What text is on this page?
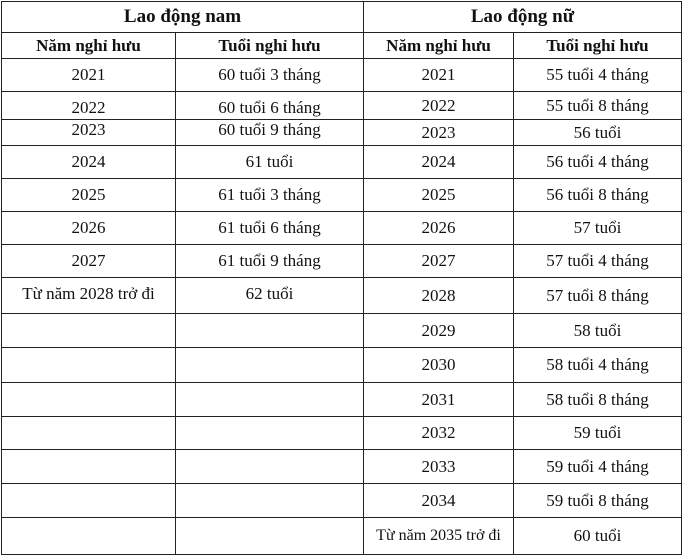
Lao động nam		Lao động nữ	
Năm nghỉ hưu	Tuổi nghỉ hưu	Năm nghỉ hưu	Tuổi nghỉ hưu
2021	60 tuổi 3 tháng	2021	55 tuổi 4 tháng
2022	60 tuổi 6 tháng	2022	55 tuổi 8 tháng
2023	60 tuổi 9 tháng	2023	56 tuổi
2024	61 tuổi	2024	56 tuổi 4 tháng
2025	61 tuổi 3 tháng	2025	56 tuổi 8 tháng
2026	61 tuổi 6 tháng	2026	57 tuổi
2027	61 tuổi 9 tháng	2027	57 tuổi 4 tháng
Từ năm 2028 trở đi	62 tuổi	2028	57 tuổi 8 tháng
		2029	58 tuổi
		2030	58 tuổi 4 tháng
		2031	58 tuổi 8 tháng
		2032	59 tuổi
		2033	59 tuổi 4 tháng
		2034	59 tuổi 8 tháng
		Từ năm 2035 trở đi	60 tuổi
